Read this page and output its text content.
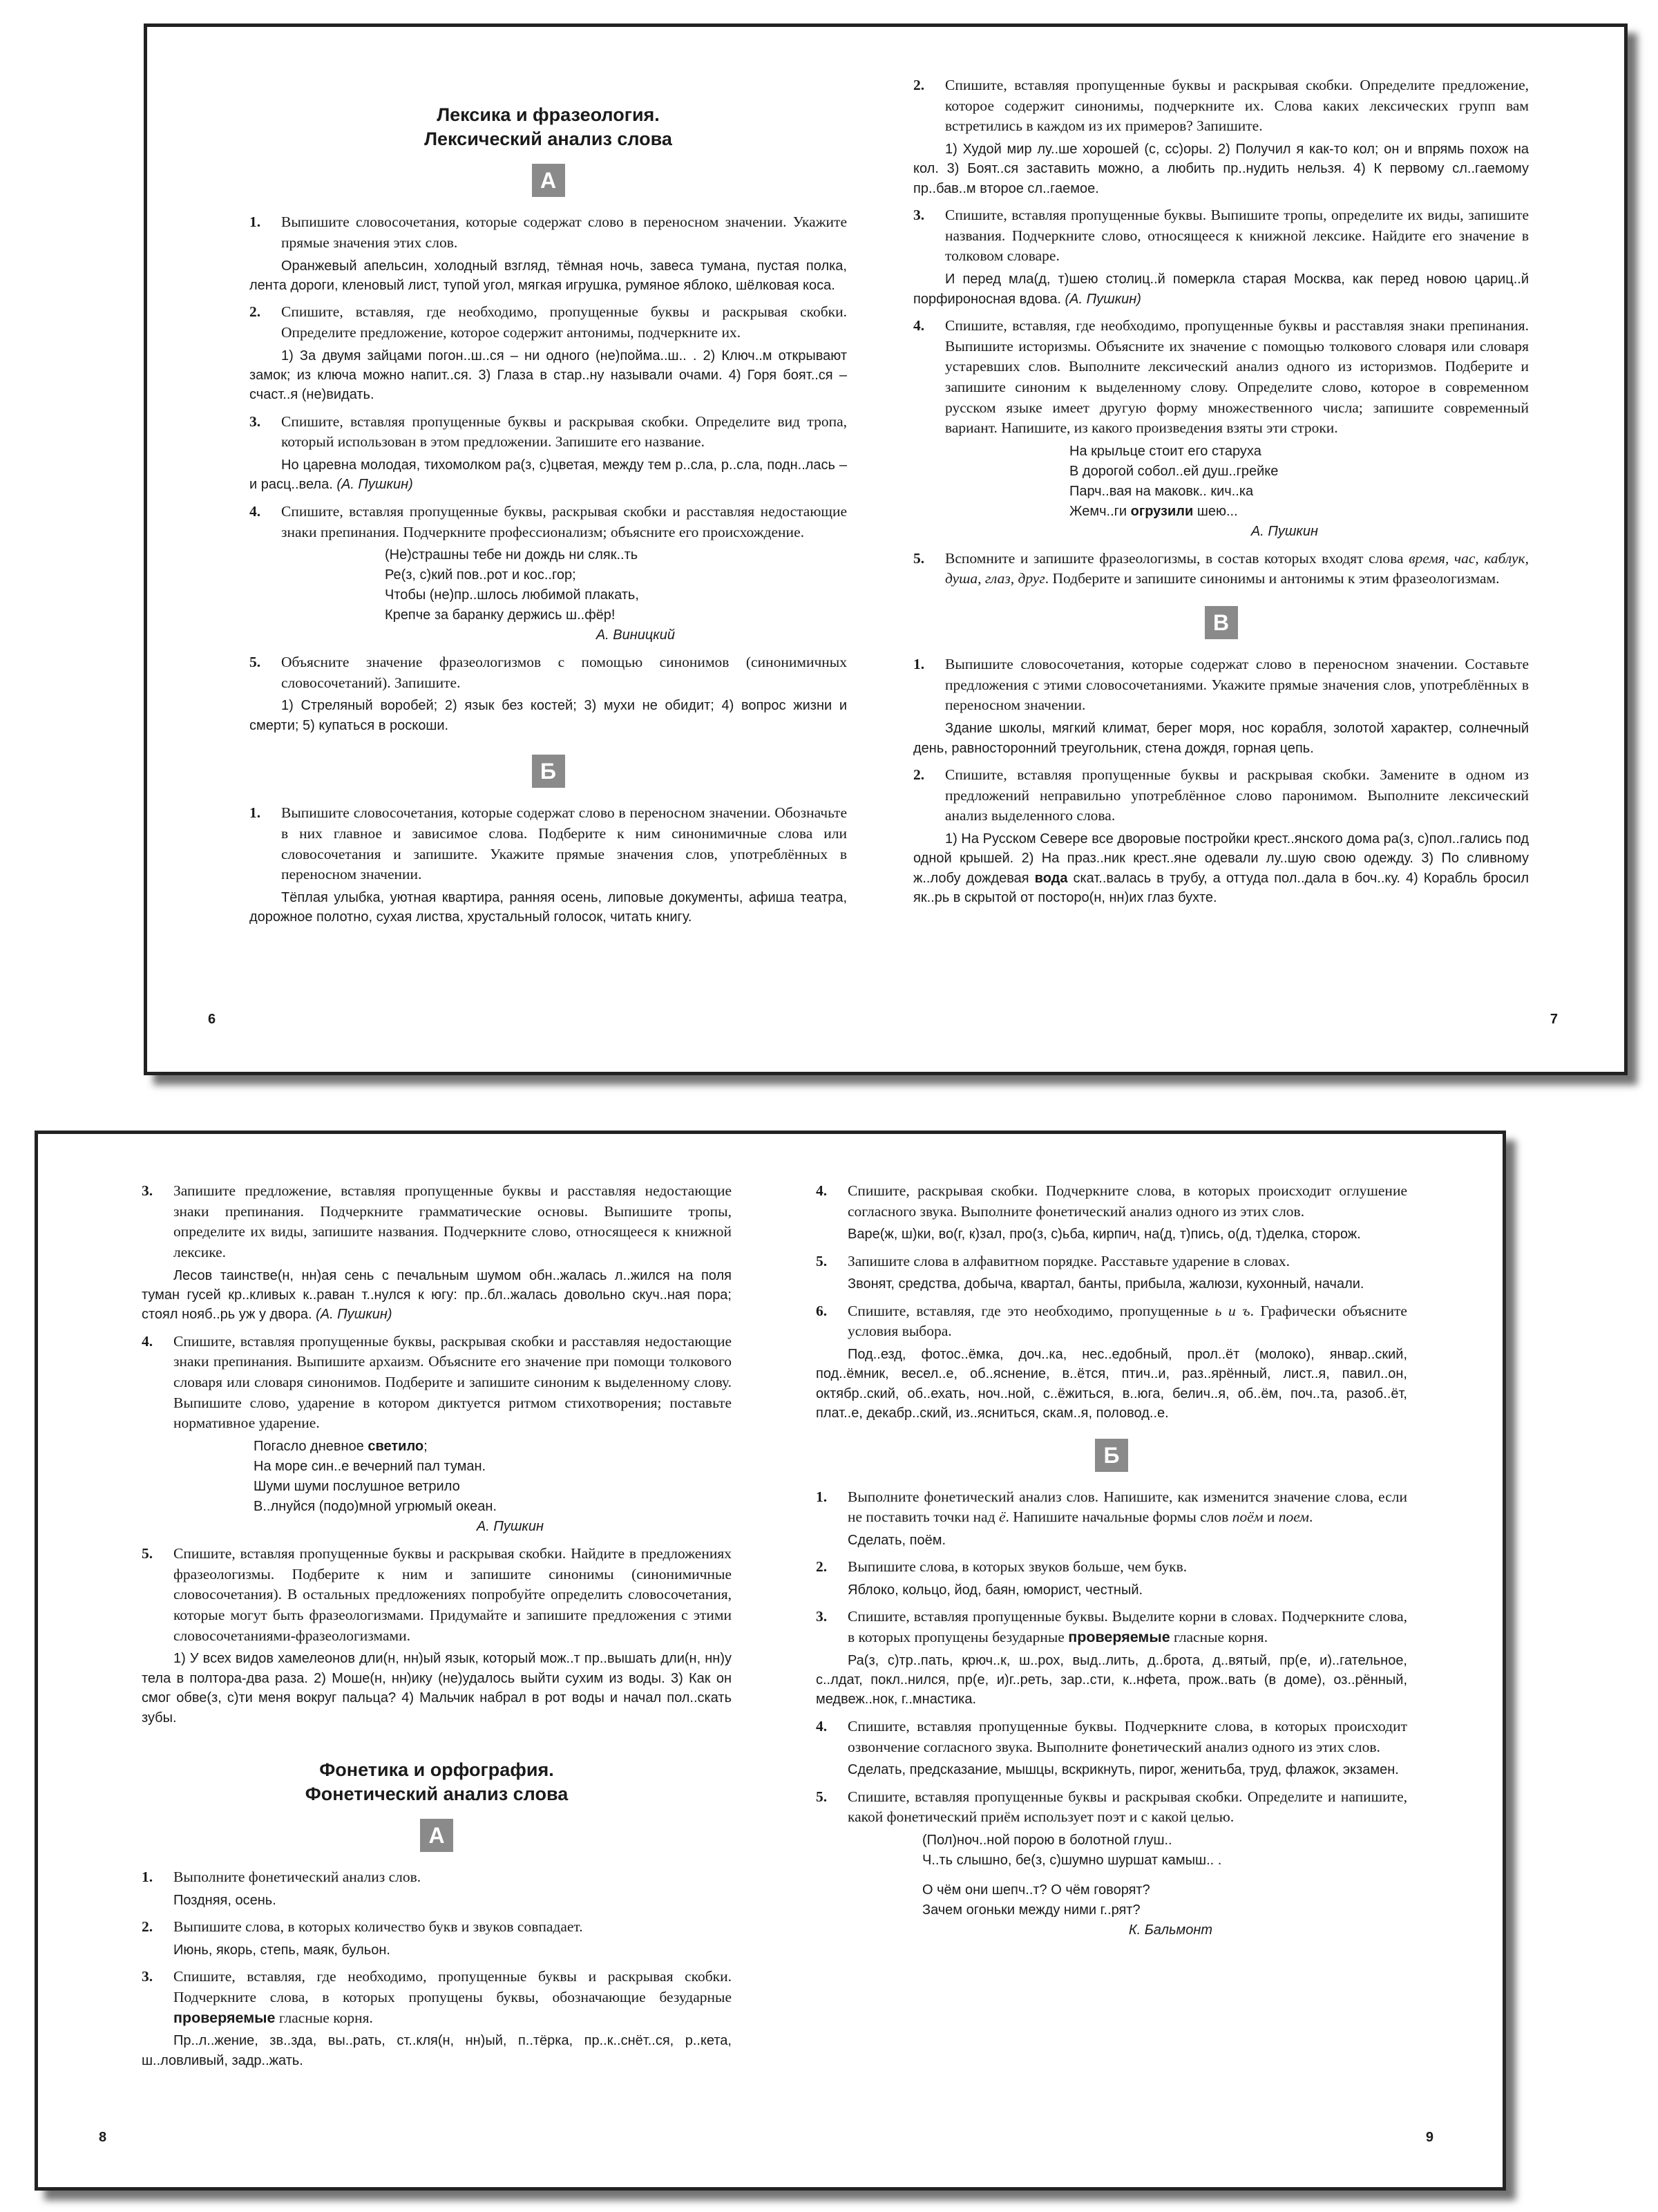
Лексика и фразеология.
Лексический анализ слова
А
1.	Выпишите словосочетания, которые содержат слово в переносном значении. Укажите прямые значения этих слов.
Оранжевый апельсин, холодный взгляд, тёмная ночь, завеса тумана, пустая полка, лента дороги, кленовый лист, тупой угол, мягкая игрушка, румяное яблоко, шёлковая коса.
2.	Спишите, вставляя, где необходимо, пропущенные буквы и раскрывая скобки. Определите предложение, которое содержит антонимы, подчеркните их.
1) За двумя зайцами погон..ш..ся – ни одного (не)пойма..ш.. . 2) Ключ..м открывают замок; из ключа можно напит..ся. 3) Глаза в стар..ну называли очами. 4) Горя боят..ся – счаст..я (не)видать.
3.	Спишите, вставляя пропущенные буквы и раскрывая скобки. Определите вид тропа, который использован в этом предложении. Запишите его название.
Но царевна молодая, тихомолком ра(з, с)цветая, между тем р..сла, р..сла, подн..лась – и расц..вела. (А. Пушкин)
4.	Спишите, вставляя пропущенные буквы, раскрывая скобки и расставляя недостающие знаки препинания. Подчеркните профессионализм; объясните его происхождение.
(Не)страшны тебе ни дождь ни сляк..ть
Ре(з, с)кий пов..рот и кос..гор;
Чтобы (не)пр..шлось любимой плакать,
Крепче за баранку держись ш..фёр!
А. Виницкий
5.	Объясните значение фразеологизмов с помощью синонимов (синонимичных словосочетаний). Запишите.
1) Стреляный воробей; 2) язык без костей; 3) мухи не обидит; 4) вопрос жизни и смерти; 5) купаться в роскоши.
Б
1.	Выпишите словосочетания, которые содержат слово в переносном значении. Обозначьте в них главное и зависимое слова. Подберите к ним синонимичные слова или словосочетания и запишите. Укажите прямые значения слов, употреблённых в переносном значении.
Тёплая улыбка, уютная квартира, ранняя осень, липовые документы, афиша театра, дорожное полотно, сухая листва, хрустальный голосок, читать книгу.
6
2.	Спишите, вставляя пропущенные буквы и раскрывая скобки. Определите предложение, которое содержит синонимы, подчеркните их. Слова каких лексических групп вам встретились в каждом из их примеров? Запишите.
1) Худой мир лу..ше хорошей (с, сс)оры. 2) Получил я как-то кол; он и впрямь похож на кол. 3) Боят..ся заставить можно, а любить пр..нудить нельзя. 4) К первому сл..гаемому пр..бав..м второе сл..гаемое.
3.	Спишите, вставляя пропущенные буквы. Выпишите тропы, определите их виды, запишите названия. Подчеркните слово, относящееся к книжной лексике. Найдите его значение в толковом словаре.
И перед мла(д, т)шею столиц..й померкла старая Москва, как перед новою цариц..й порфироносная вдова. (А. Пушкин)
4.	Спишите, вставляя, где необходимо, пропущенные буквы и расставляя знаки препинания. Выпишите историзмы. Объясните их значение с помощью толкового словаря или словаря устаревших слов. Выполните лексический анализ одного из историзмов. Подберите и запишите синоним к выделенному слову. Определите слово, которое в современном русском языке имеет другую форму множественного числа; запишите современный вариант. Напишите, из какого произведения взяты эти строки.
На крыльце стоит его старуха
В дорогой собол..ей душ..грейке
Парч..вая на маковк.. кич..ка
Жемч..ги огрузили шею...
А. Пушкин
5.	Вспомните и запишите фразеологизмы, в состав которых входят слова время, час, каблук, душа, глаз, друг. Подберите и запишите синонимы и антонимы к этим фразеологизмам.
В
1.	Выпишите словосочетания, которые содержат слово в переносном значении. Составьте предложения с этими словосочетаниями. Укажите прямые значения слов, употреблённых в переносном значении.
Здание школы, мягкий климат, берег моря, нос корабля, золотой характер, солнечный день, равносторонний треугольник, стена дождя, горная цепь.
2.	Спишите, вставляя пропущенные буквы и раскрывая скобки. Замените в одном из предложений неправильно употреблённое слово паронимом. Выполните лексический анализ выделенного слова.
1) На Русском Севере все дворовые постройки крест..янского дома ра(з, с)пол..гались под одной крышей. 2) На праз..ник крест..яне одевали лу..шую свою одежду. 3) По сливному ж..лобу дождевая вода скат..валась в трубу, а оттуда пол..дала в боч..ку. 4) Корабль бросил як..рь в скрытой от посторо(н, нн)их глаз бухте.
7
3.	Запишите предложение, вставляя пропущенные буквы и расставляя недостающие знаки препинания. Подчеркните грамматические основы. Выпишите тропы, определите их виды, запишите названия. Подчеркните слово, относящееся к книжной лексике.
Лесов таинстве(н, нн)ая сень с печальным шумом обн..жалась л..жился на поля туман гусей кр..кливых к..раван т..нулся к югу: пр..бл..жалась довольно скуч..ная пора; стоял нояб..рь уж у двора. (А. Пушкин)
4.	Спишите, вставляя пропущенные буквы, раскрывая скобки и расставляя недостающие знаки препинания. Выпишите архаизм. Объясните его значение при помощи толкового словаря или словаря синонимов. Подберите и запишите синоним к выделенному слову. Выпишите слово, ударение в котором диктуется ритмом стихотворения; поставьте нормативное ударение.
Погасло дневное светило;
На море син..е вечерний пал туман.
Шуми шуми послушное ветрило
В..лнуйся (подо)мной угрюмый океан.
А. Пушкин
5.	Спишите, вставляя пропущенные буквы и раскрывая скобки. Найдите в предложениях фразеологизмы. Подберите к ним и запишите синонимы (синонимичные словосочетания). В остальных предложениях попробуйте определить словосочетания, которые могут быть фразеологизмами. Придумайте и запишите предложения с этими словосочетаниями-фразеологизмами.
1) У всех видов хамелеонов дли(н, нн)ый язык, который мож..т пр..вышать дли(н, нн)у тела в полтора-два раза. 2) Моше(н, нн)ику (не)удалось выйти сухим из воды. 3) Как он смог обве(з, с)ти меня вокруг пальца? 4) Мальчик набрал в рот воды и начал пол..скать зубы.
Фонетика и орфография.
Фонетический анализ слова
А
1.	Выполните фонетический анализ слов.
Поздняя, осень.
2.	Выпишите слова, в которых количество букв и звуков совпадает.
Июнь, якорь, степь, маяк, бульон.
3.	Спишите, вставляя, где необходимо, пропущенные буквы и раскрывая скобки. Подчеркните слова, в которых пропущены буквы, обозначающие безударные проверяемые гласные корня.
Пр..л..жение, зв..зда, вы..рать, ст..кля(н, нн)ый, п..тёрка, пр..к..снёт..ся, р..кета, ш..ловливый, задр..жать.
8
4.	Спишите, раскрывая скобки. Подчеркните слова, в которых происходит оглушение согласного звука. Выполните фонетический анализ одного из этих слов.
Варе(ж, ш)ки, во(г, к)зал, про(з, с)ьба, кирпич, на(д, т)пись, о(д, т)делка, сторож.
5.	Запишите слова в алфавитном порядке. Расставьте ударение в словах.
Звонят, средства, добыча, квартал, банты, прибыла, жалюзи, кухонный, начали.
6.	Спишите, вставляя, где это необходимо, пропущенные ь и ъ. Графически объясните условия выбора.
Под..езд, фотос..ёмка, доч..ка, нес..едобный, прол..ёт (молоко), январ..ский, под..ёмник, весел..е, об..яснение, в..ётся, птич..и, раз..ярённый, лист..я, павил..он, октябр..ский, об..ехать, ноч..ной, с..ёжиться, в..юга, белич..я, об..ём, поч..та, разоб..ёт, плат..е, декабр..ский, из..ясниться, скам..я, половод..е.
Б
1.	Выполните фонетический анализ слов. Напишите, как изменится значение слова, если не поставить точки над ё. Напишите начальные формы слов поём и поем.
Сделать, поём.
2.	Выпишите слова, в которых звуков больше, чем букв.
Яблоко, кольцо, йод, баян, юморист, честный.
3.	Спишите, вставляя пропущенные буквы. Выделите корни в словах. Подчеркните слова, в которых пропущены безударные проверяемые гласные корня.
Ра(з, с)тр..пать, крюч..к, ш..рох, выд..лить, д..брота, д..вятый, пр(е, и)..гательное, с..лдат, покл..нился, пр(е, и)г..реть, зар..сти, к..нфета, прож..вать (в доме), оз..рённый, медвеж..нок, г..мнастика.
4.	Спишите, вставляя пропущенные буквы. Подчеркните слова, в которых происходит озвончение согласного звука. Выполните фонетический анализ одного из этих слов.
Сделать, предсказание, мышцы, вскрикнуть, пирог, женитьба, труд, флажок, экзамен.
5.	Спишите, вставляя пропущенные буквы и раскрывая скобки. Определите и напишите, какой фонетический приём использует поэт и с какой целью.
(Пол)ноч..ной порою в болотной глуш..
Ч..ть слышно, бе(з, с)шумно шуршат камыш.. .
О чём они шепч..т? О чём говорят?
Зачем огоньки между ними г..рят?
К. Бальмонт
9
